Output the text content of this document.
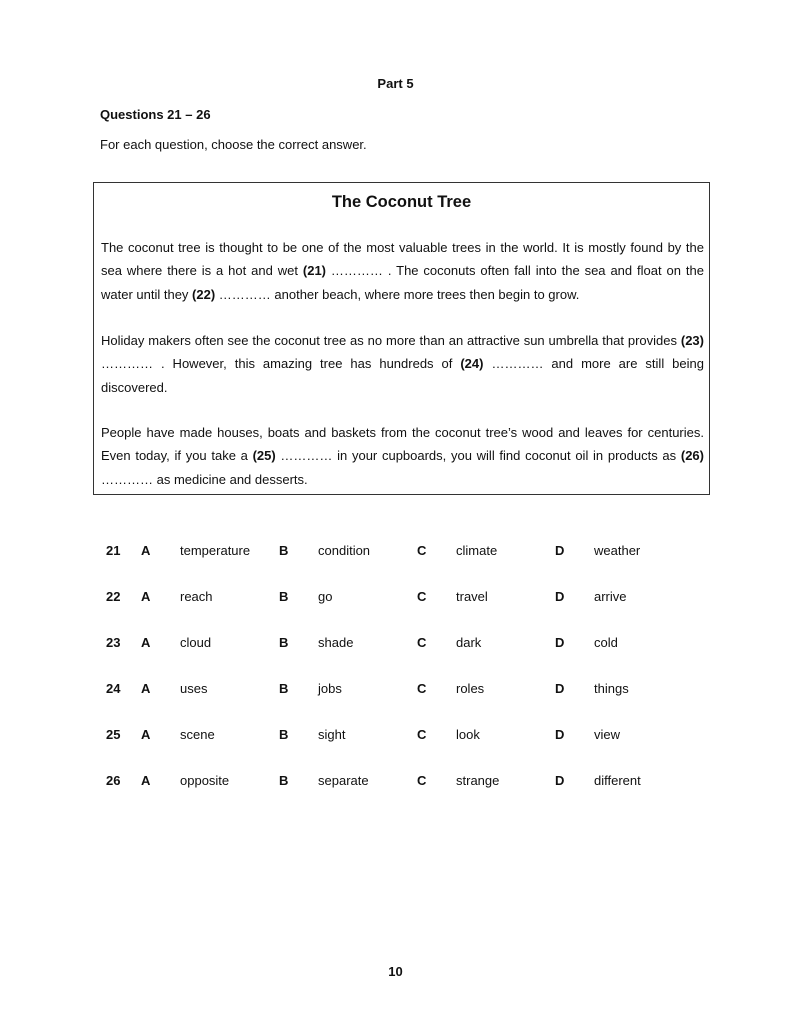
Part 5
Questions 21 – 26
For each question, choose the correct answer.
The Coconut Tree
The coconut tree is thought to be one of the most valuable trees in the world. It is mostly found by the sea where there is a hot and wet (21) ………… . The coconuts often fall into the sea and float on the water until they (22) ………… another beach, where more trees then begin to grow.
Holiday makers often see the coconut tree as no more than an attractive sun umbrella that provides (23) ………… . However, this amazing tree has hundreds of (24) ………… and more are still being discovered.
People have made houses, boats and baskets from the coconut tree’s wood and leaves for centuries. Even today, if you take a (25) ………… in your cupboards, you will find coconut oil in products as (26) ………… as medicine and desserts.
21 A temperature B condition	C climate	D weather
22 A reach	B go	C travel	D arrive
23 A cloud	B shade	C dark	D cold
24 A uses	B jobs	C roles	D things
25 A scene	B sight	C look	D view
26 A opposite	B separate	C strange	D different
10
